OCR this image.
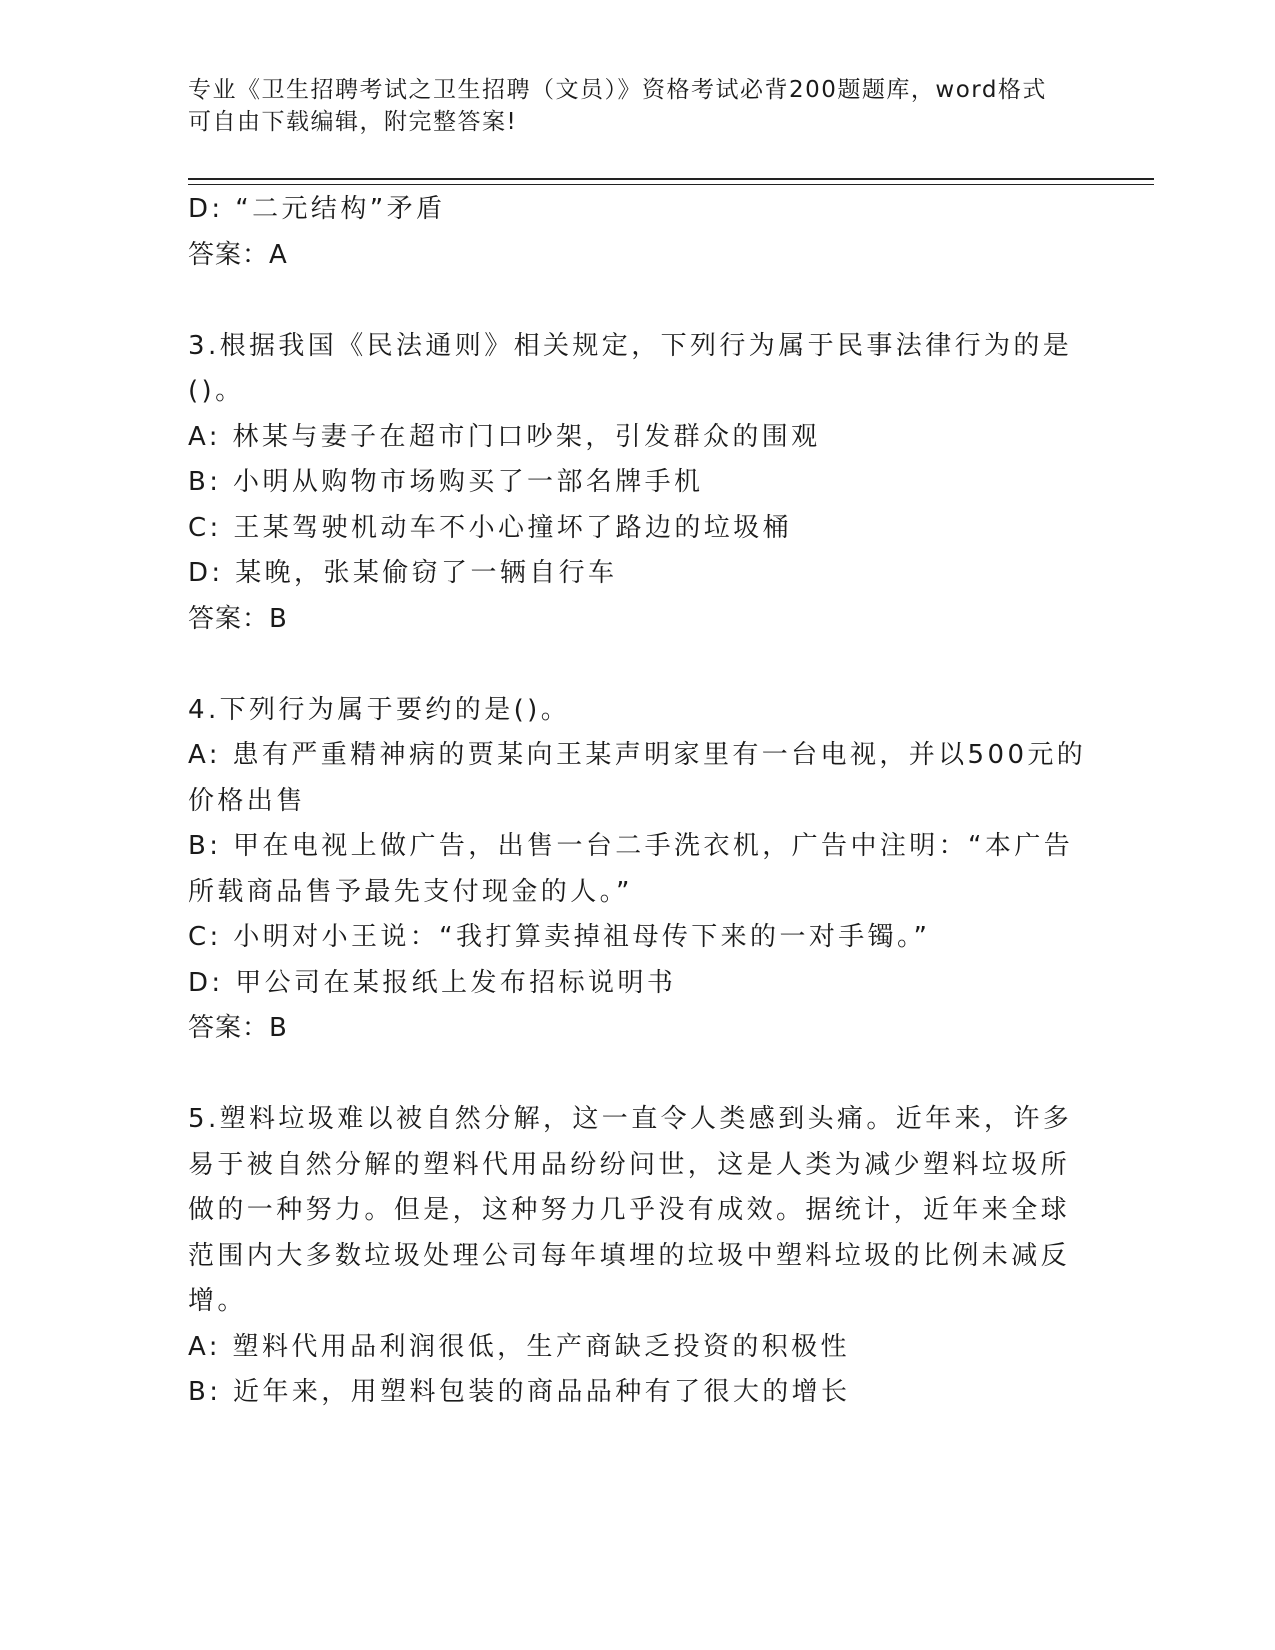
专业《卫生招聘考试之卫生招聘（文员）》资格考试必背200题题库，word格式
可自由下载编辑，附完整答案!
D: “二元结构”矛盾
答案：A
3.根据我国《民法通则》相关规定，下列行为属于民事法律行为的是
()。
A: 林某与妻子在超市门口吵架，引发群众的围观
B: 小明从购物市场购买了一部名牌手机
C: 王某驾驶机动车不小心撞坏了路边的垃圾桶
D: 某晚，张某偷窃了一辆自行车
答案：B
4.下列行为属于要约的是()。
A: 患有严重精神病的贾某向王某声明家里有一台电视，并以500元的
价格出售
B: 甲在电视上做广告，出售一台二手洗衣机，广告中注明：“本广告
所载商品售予最先支付现金的人。”
C: 小明对小王说：“我打算卖掉祖母传下来的一对手镯。”
D: 甲公司在某报纸上发布招标说明书
答案：B
5.塑料垃圾难以被自然分解，这一直令人类感到头痛。近年来，许多
易于被自然分解的塑料代用品纷纷问世，这是人类为减少塑料垃圾所
做的一种努力。但是，这种努力几乎没有成效。据统计，近年来全球
范围内大多数垃圾处理公司每年填埋的垃圾中塑料垃圾的比例未减反
增。
A: 塑料代用品利润很低，生产商缺乏投资的积极性
B: 近年来，用塑料包装的商品品种有了很大的增长
